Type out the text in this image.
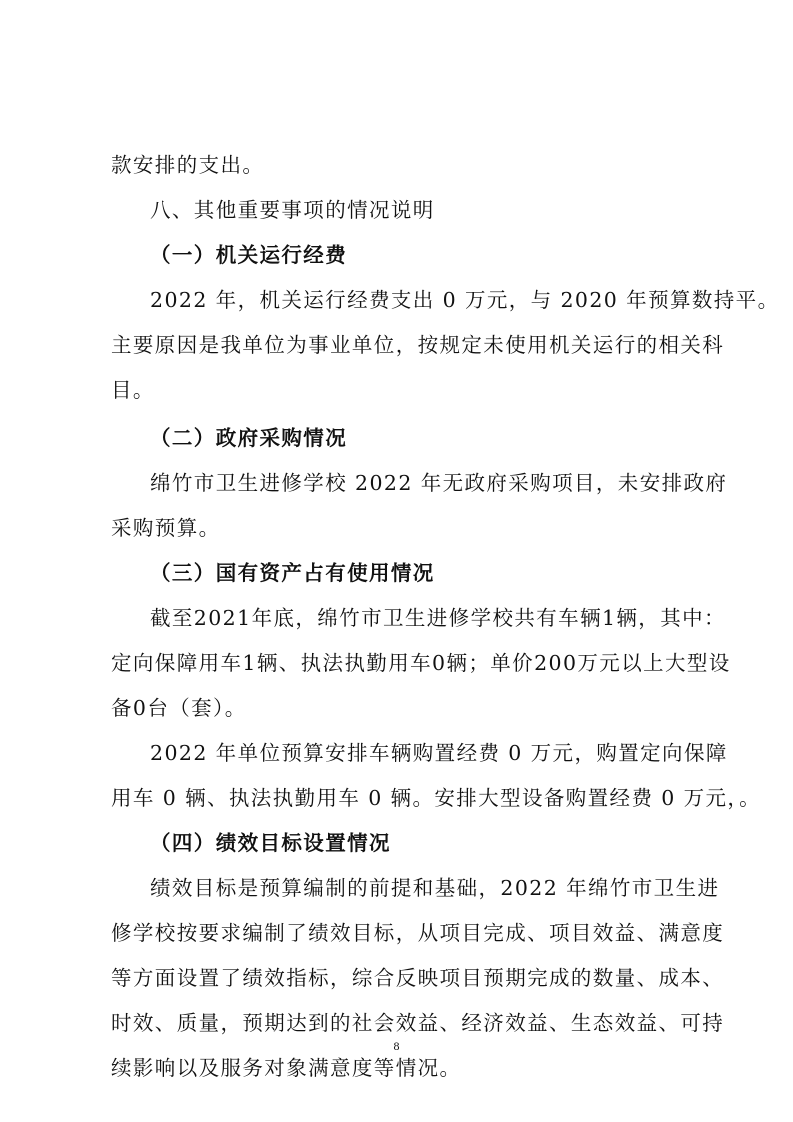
款安排的支出。
八、其他重要事项的情况说明
（一）机关运行经费
2022 年，机关运行经费支出 0 万元，与 2020 年预算数持平。
主要原因是我单位为事业单位，按规定未使用机关运行的相关科
目。
（二）政府采购情况
绵竹市卫生进修学校 2022 年无政府采购项目，未安排政府
采购预算。
（三）国有资产占有使用情况
截至2021年底，绵竹市卫生进修学校共有车辆1辆，其中：
定向保障用车1辆、执法执勤用车0辆；单价200万元以上大型设
备0台（套）。
2022 年单位预算安排车辆购置经费 0 万元，购置定向保障
用车 0 辆、执法执勤用车 0 辆。安排大型设备购置经费 0 万元，。
（四）绩效目标设置情况
绩效目标是预算编制的前提和基础，2022 年绵竹市卫生进
修学校按要求编制了绩效目标，从项目完成、项目效益、满意度
等方面设置了绩效指标，综合反映项目预期完成的数量、成本、
时效、质量，预期达到的社会效益、经济效益、生态效益、可持
续影响以及服务对象满意度等情况。
8
